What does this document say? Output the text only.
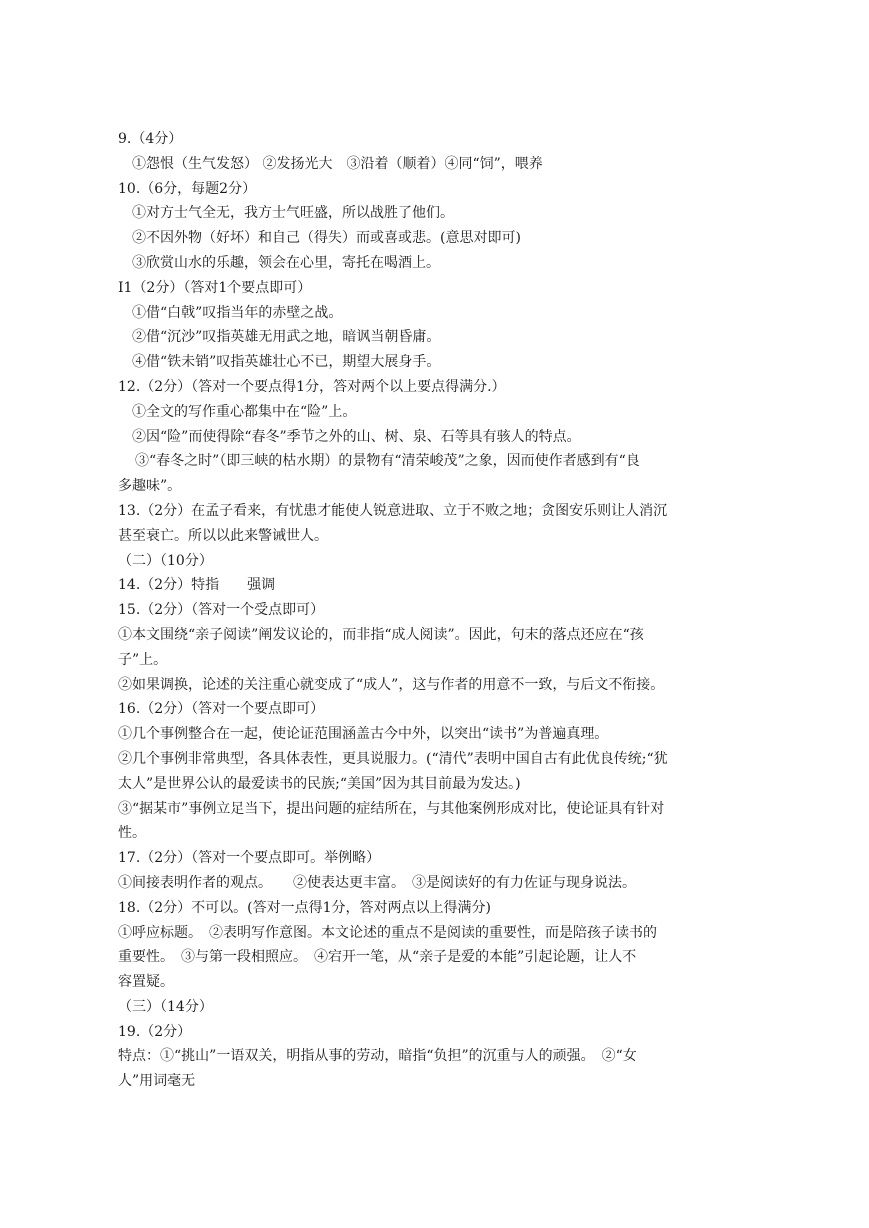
9.（4分）
①怨恨（生气发怒） ②发扬光大　③沿着（顺着）④同“饲”，喂养
10.（6分，每题2分）
①对方士气全无，我方士气旺盛，所以战胜了他们。
②不因外物（好坏）和自己（得失）而或喜或悲。(意思对即可)
③欣赏山水的乐趣，领会在心里，寄托在喝酒上。
I1（2分）（答对1个要点即可）
①借“白戟”叹指当年的赤壁之战。
②借“沉沙”叹指英雄无用武之地，暗讽当朝昏庸。
④借“铁未销”叹指英雄壮心不已，期望大展身手。
12.（2分）（答对一个要点得1分，答对两个以上要点得满分.）
①全文的写作重心都集中在“险”上。
②因“险”而使得除“春冬”季节之外的山、树、泉、石等具有骇人的特点。
③“春冬之时”（即三峡的枯水期）的景物有“清荣峻茂”之象，因而使作者感到有“良
多趣味”。
13.（2分）在孟子看来，有忧患才能使人锐意进取、立于不败之地；贪图安乐则让人消沉
甚至衰亡。所以以此来警诫世人。
（二）（10分）
14.（2分）特指　　强调
15.（2分）（答对一个受点即可）
①本文围绕“亲子阅读”阐发议论的，而非指“成人阅读”。因此，句末的落点还应在“孩
子”上。
②如果调换，论述的关注重心就变成了“成人”，这与作者的用意不一致，与后文不衔接。
16.（2分）（答对一个要点即可）
①几个事例整合在一起，使论证范围涵盖古今中外，以突出“读书”为普遍真理。
②几个事例非常典型，各具体表性，更具说服力。(“清代”表明中国自古有此优良传统;“犹
太人”是世界公认的最爱读书的民族;“美国”因为其目前最为发达。)
③“据某市”事例立足当下，提出问题的症结所在，与其他案例形成对比，使论证具有针对
性。
17.（2分）（答对一个要点即可。举例略）
①间接表明作者的观点。　　②使表达更丰富。　③是阅读好的有力佐证与现身说法。
18.（2分）不可以。(答对一点得1分，答对两点以上得满分)
①呼应标题。　②表明写作意图。本文论述的重点不是阅读的重要性，而是陪孩子读书的
重要性。　③与第一段相照应。　④宕开一笔，从“亲子是爱的本能”引起论题，让人不
容置疑。
（三）（14分）
19.（2分）
特点：①“挑山”一语双关，明指从事的劳动，暗指“负担”的沉重与人的顽强。　②“女
人”用词毫无
